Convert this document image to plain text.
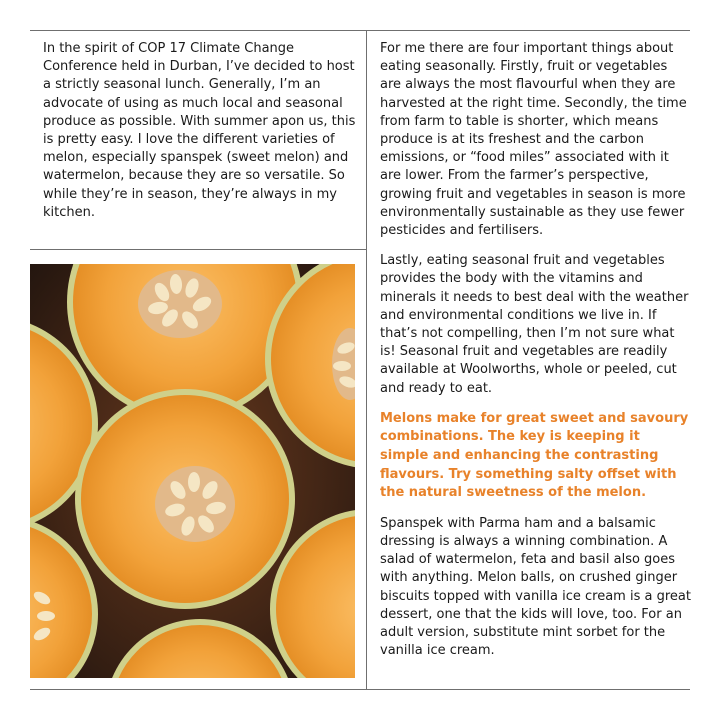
In the spirit of COP 17 Climate Change Conference held in Durban, I’ve decided to host a strictly seasonal lunch. Generally, I’m an advocate of using as much local and seasonal produce as possible. With summer apon us, this is pretty easy. I love the different varieties of melon, especially spanspek (sweet melon) and watermelon, because they are so versatile. So while they’re in season, they’re always in my kitchen.

For me there are four important things about eating seasonally. Firstly, fruit or vegetables are always the most flavourful when they are harvested at the right time. Secondly, the time from farm to table is shorter, which means produce is at its freshest and the carbon emissions, or “food miles” associated with it are lower. From the farmer’s perspective, growing fruit and vegetables in season is more environmentally sustainable as they use fewer pesticides and fertilisers.

Lastly, eating seasonal fruit and vegetables provides the body with the vitamins and minerals it needs to best deal with the weather and environmental conditions we live in. If that’s not compelling, then I’m not sure what is! Seasonal fruit and vegetables are readily available at Woolworths, whole or peeled, cut and ready to eat.

Melons make for great sweet and savoury combinations. The key is keeping it simple and enhancing the contrasting flavours. Try something salty offset with the natural sweetness of the melon.

Spanspek with Parma ham and a balsamic dressing is always a winning combination. A salad of watermelon, feta and basil also goes with anything. Melon balls, on crushed ginger biscuits topped with vanilla ice cream is a great dessert, one that the kids will love, too. For an adult version, substitute mint sorbet for the vanilla ice cream.
